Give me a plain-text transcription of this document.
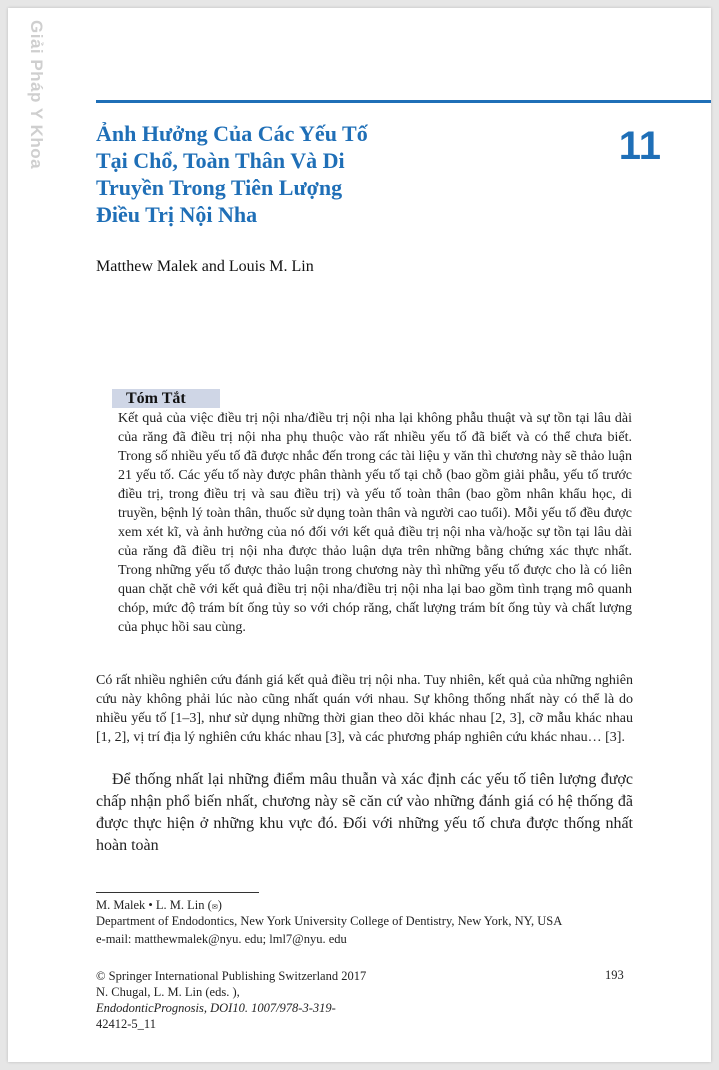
Giải Pháp Y Khoa Ảnh Hưởng Của Các Yếu Tố
Tại Chổ, Toàn Thân Và Di
Truyền Trong Tiên Lượng
Điều Trị Nội Nha
11
Matthew Malek and Louis M. Lin
Tóm Tắt

Kết quả của việc điều trị nội nha/điều trị nội nha lại không phẫu thuật và sự tồn tại lâu dài của răng đã điều trị nội nha phụ thuộc vào rất nhiều yếu tố đã biết và có thể chưa biết. Trong số nhiều yếu tố đã được nhắc đến trong các tài liệu y văn thì chương này sẽ thảo luận 21 yếu tố. Các yếu tố này được phân thành yếu tố tại chỗ (bao gồm giải phẫu, yếu tố trước điều trị, trong điều trị và sau điều trị) và yếu tố toàn thân (bao gồm nhân khẩu học, di truyền, bệnh lý toàn thân, thuốc sử dụng toàn thân và người cao tuổi). Mỗi yếu tố đều được xem xét kĩ, và ảnh hưởng của nó đối với kết quả điều trị nội nha và/hoặc sự tồn tại lâu dài của răng đã điều trị nội nha được thảo luận dựa trên những bằng chứng xác thực nhất. Trong những yếu tố được thảo luận trong chương này thì những yếu tố được cho là có liên quan chặt chẽ với kết quả điều trị nội nha/điều trị nội nha lại bao gồm tình trạng mô quanh chóp, mức độ trám bít ống tủy so với chóp răng, chất lượng trám bít ống tủy và chất lượng của phục hồi sau cùng.

Có rất nhiều nghiên cứu đánh giá kết quả điều trị nội nha. Tuy nhiên, kết quả của những nghiên cứu này không phải lúc nào cũng nhất quán với nhau. Sự không thống nhất này có thể là do nhiều yếu tố [1–3], như sử dụng những thời gian theo dõi khác nhau [2, 3], cỡ mẫu khác nhau [1, 2], vị trí địa lý nghiên cứu khác nhau [3], và các phương pháp nghiên cứu khác nhau… [3].

Để thống nhất lại những điểm mâu thuẫn và xác định các yếu tố tiên lượng được chấp nhận phổ biến nhất, chương này sẽ căn cứ vào những đánh giá có hệ thống đã được thực hiện ở những khu vực đó. Đối với những yếu tố chưa được thống nhất hoàn toàn

M. Malek • L. M. Lin (✉)
Department of Endodontics, New York University College of Dentistry, New York, NY, USA
e-mail: matthewmalek@nyu. edu; lml7@nyu. edu

© Springer International Publishing Switzerland 2017
N. Chugal, L. M. Lin (eds. ),
EndodonticPrognosis, DOI10. 1007/978-3-319-
42412-5_11

193
